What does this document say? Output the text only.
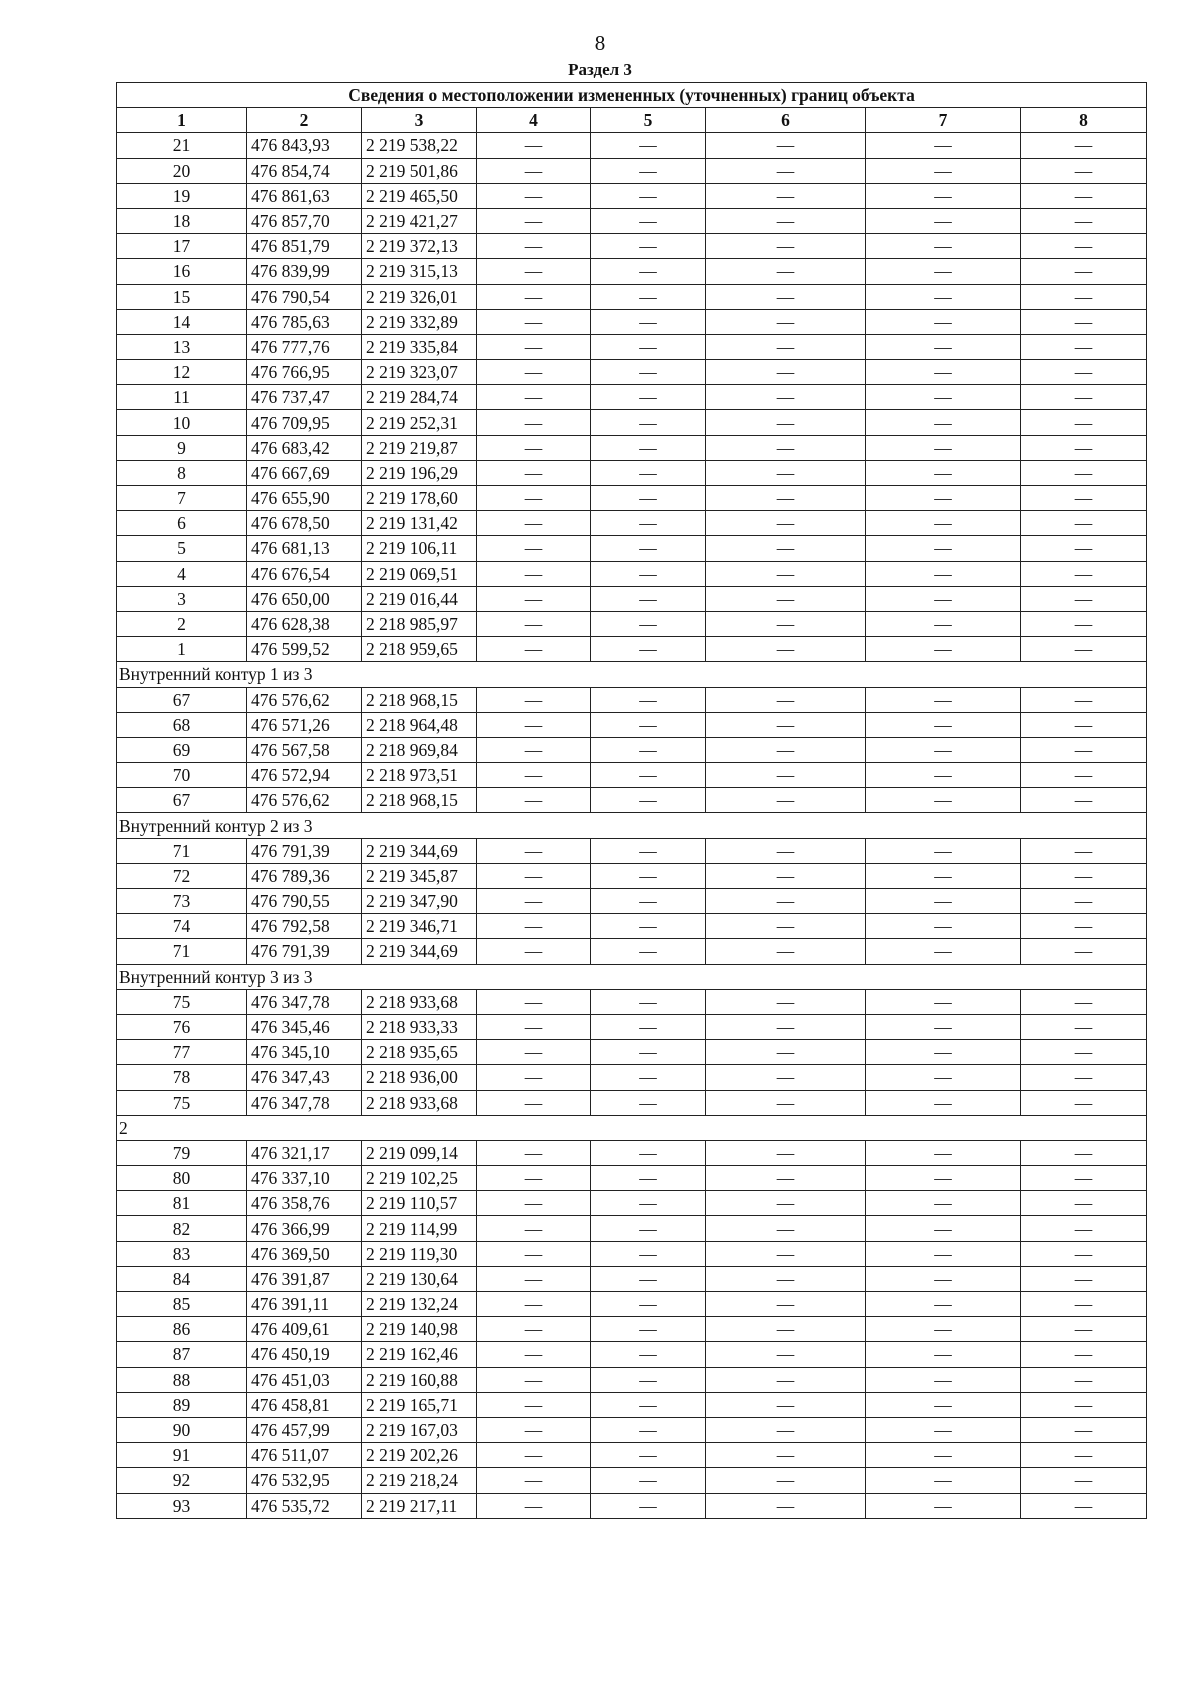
8
Раздел 3
Сведения о местоположении измененных (уточненных) границ объекта							
1	2	3	4	5	6	7	8
21	476 843,93	2 219 538,22	—	—	—	—	—
20	476 854,74	2 219 501,86	—	—	—	—	—
19	476 861,63	2 219 465,50	—	—	—	—	—
18	476 857,70	2 219 421,27	—	—	—	—	—
17	476 851,79	2 219 372,13	—	—	—	—	—
16	476 839,99	2 219 315,13	—	—	—	—	—
15	476 790,54	2 219 326,01	—	—	—	—	—
14	476 785,63	2 219 332,89	—	—	—	—	—
13	476 777,76	2 219 335,84	—	—	—	—	—
12	476 766,95	2 219 323,07	—	—	—	—	—
11	476 737,47	2 219 284,74	—	—	—	—	—
10	476 709,95	2 219 252,31	—	—	—	—	—
9	476 683,42	2 219 219,87	—	—	—	—	—
8	476 667,69	2 219 196,29	—	—	—	—	—
7	476 655,90	2 219 178,60	—	—	—	—	—
6	476 678,50	2 219 131,42	—	—	—	—	—
5	476 681,13	2 219 106,11	—	—	—	—	—
4	476 676,54	2 219 069,51	—	—	—	—	—
3	476 650,00	2 219 016,44	—	—	—	—	—
2	476 628,38	2 218 985,97	—	—	—	—	—
1	476 599,52	2 218 959,65	—	—	—	—	—
Внутренний контур 1 из 3							
67	476 576,62	2 218 968,15	—	—	—	—	—
68	476 571,26	2 218 964,48	—	—	—	—	—
69	476 567,58	2 218 969,84	—	—	—	—	—
70	476 572,94	2 218 973,51	—	—	—	—	—
67	476 576,62	2 218 968,15	—	—	—	—	—
Внутренний контур 2 из 3							
71	476 791,39	2 219 344,69	—	—	—	—	—
72	476 789,36	2 219 345,87	—	—	—	—	—
73	476 790,55	2 219 347,90	—	—	—	—	—
74	476 792,58	2 219 346,71	—	—	—	—	—
71	476 791,39	2 219 344,69	—	—	—	—	—
Внутренний контур 3 из 3							
75	476 347,78	2 218 933,68	—	—	—	—	—
76	476 345,46	2 218 933,33	—	—	—	—	—
77	476 345,10	2 218 935,65	—	—	—	—	—
78	476 347,43	2 218 936,00	—	—	—	—	—
75	476 347,78	2 218 933,68	—	—	—	—	—
2							
79	476 321,17	2 219 099,14	—	—	—	—	—
80	476 337,10	2 219 102,25	—	—	—	—	—
81	476 358,76	2 219 110,57	—	—	—	—	—
82	476 366,99	2 219 114,99	—	—	—	—	—
83	476 369,50	2 219 119,30	—	—	—	—	—
84	476 391,87	2 219 130,64	—	—	—	—	—
85	476 391,11	2 219 132,24	—	—	—	—	—
86	476 409,61	2 219 140,98	—	—	—	—	—
87	476 450,19	2 219 162,46	—	—	—	—	—
88	476 451,03	2 219 160,88	—	—	—	—	—
89	476 458,81	2 219 165,71	—	—	—	—	—
90	476 457,99	2 219 167,03	—	—	—	—	—
91	476 511,07	2 219 202,26	—	—	—	—	—
92	476 532,95	2 219 218,24	—	—	—	—	—
93	476 535,72	2 219 217,11	—	—	—	—	—
